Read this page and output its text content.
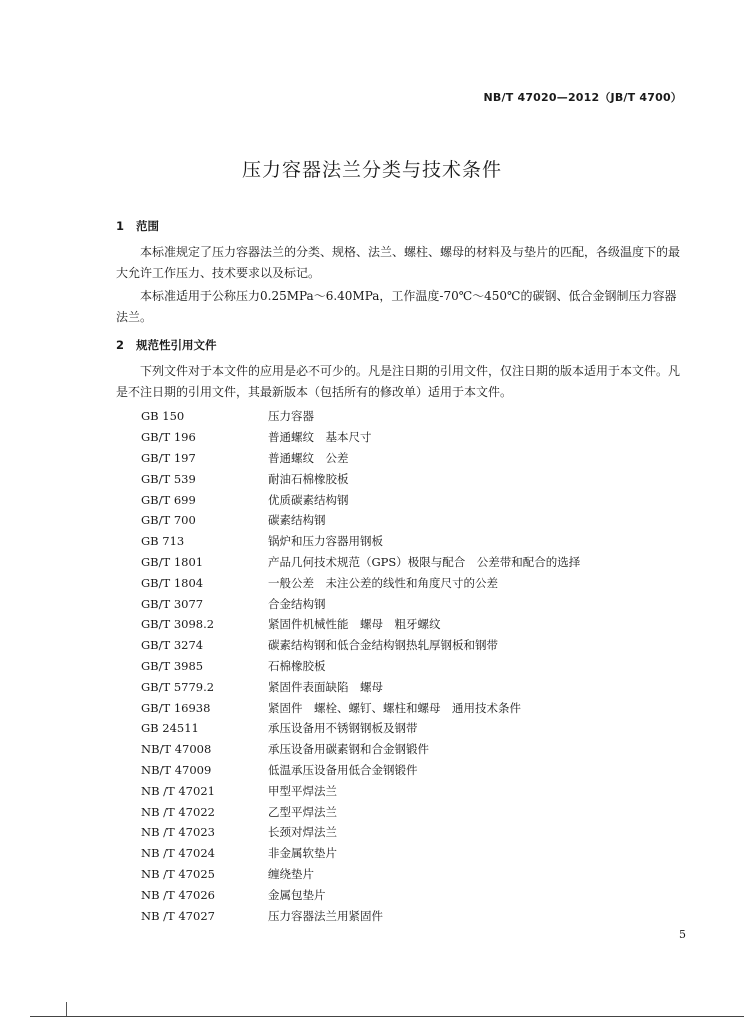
NB/T 47020—2012（JB/T 4700）
压力容器法兰分类与技术条件
1 范围
本标准规定了压力容器法兰的分类、规格、法兰、螺柱、螺母的材料及与垫片的匹配，各级温度下的最大允许工作压力、技术要求以及标记。
本标准适用于公称压力0.25MPa～6.40MPa，工作温度-70℃～450℃的碳钢、低合金钢制压力容器法兰。
2 规范性引用文件
下列文件对于本文件的应用是必不可少的。凡是注日期的引用文件，仅注日期的版本适用于本文件。凡是不注日期的引用文件，其最新版本（包括所有的修改单）适用于本文件。
GB 150	压力容器
GB/T 196	普通螺纹　基本尺寸
GB/T 197	普通螺纹　公差
GB/T 539	耐油石棉橡胶板
GB/T 699	优质碳素结构钢
GB/T 700	碳素结构钢
GB 713	锅炉和压力容器用钢板
GB/T 1801	产品几何技术规范（GPS）极限与配合　公差带和配合的选择
GB/T 1804	一般公差　未注公差的线性和角度尺寸的公差
GB/T 3077	合金结构钢
GB/T 3098.2	紧固件机械性能　螺母　粗牙螺纹
GB/T 3274	碳素结构钢和低合金结构钢热轧厚钢板和钢带
GB/T 3985	石棉橡胶板
GB/T 5779.2	紧固件表面缺陷　螺母
GB/T 16938	紧固件　螺栓、螺钉、螺柱和螺母　通用技术条件
GB 24511	承压设备用不锈钢钢板及钢带
NB/T 47008	承压设备用碳素钢和合金钢锻件
NB/T 47009	低温承压设备用低合金钢锻件
NB /T 47021	甲型平焊法兰
NB /T 47022	乙型平焊法兰
NB /T 47023	长颈对焊法兰
NB /T 47024	非金属软垫片
NB /T 47025	缠绕垫片
NB /T 47026	金属包垫片
NB /T 47027	压力容器法兰用紧固件
5
